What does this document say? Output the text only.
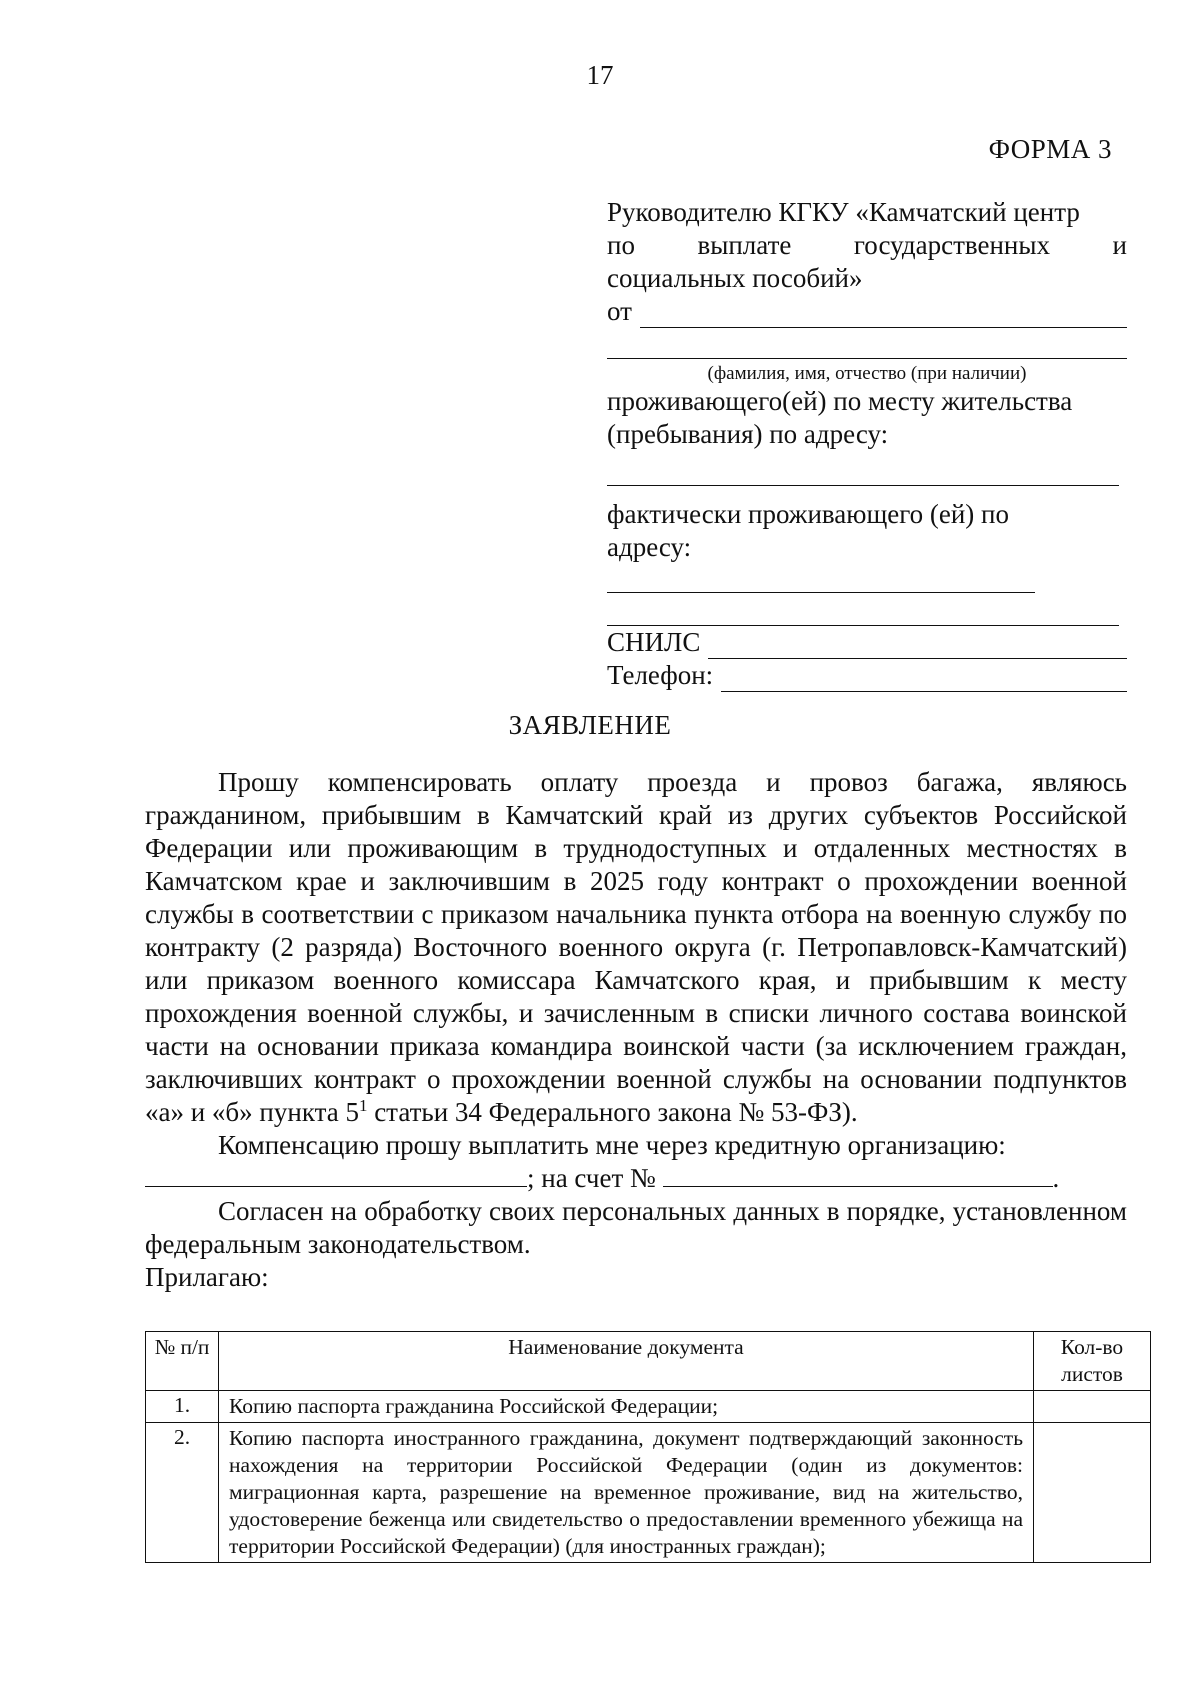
17
ФОРМА 3
Руководителю КГКУ «Камчатский центр
по выплате государственных и
социальных пособий»
от
(фамилия, имя, отчество (при наличии)
проживающего(ей) по месту жительства
(пребывания) по адресу:
фактически проживающего (ей) по
адресу:
СНИЛС
Телефон:
ЗАЯВЛЕНИЕ

Прошу компенсировать оплату проезда и провоз багажа, являюсь гражданином, прибывшим в Камчатский край из других субъектов Российской Федерации или проживающим в труднодоступных и отдаленных местностях в Камчатском крае и заключившим в 2025 году контракт о прохождении военной службы в соответствии с приказом начальника пункта отбора на военную службу по контракту (2 разряда) Восточного военного округа (г. Петропавловск-Камчатский) или приказом военного комиссара Камчатского края, и прибывшим к месту прохождения военной службы, и зачисленным в списки личного состава воинской части на основании приказа командира воинской части (за исключением граждан, заключивших контракт о прохождении военной службы на основании подпунктов «а» и «б» пункта $5^1$ статьи 34 Федерального закона № 53-ФЗ).

Компенсацию прошу выплатить мне через кредитную организацию:

; на счет №	.

Согласен на обработку своих персональных данных в порядке, установленном федеральным законодательством.

Прилагаю:

№ п/п	Наименование документа	Кол-во листов
1.	Копию паспорта гражданина Российской Федерации;	
2.	Копию паспорта иностранного гражданина, документ подтверждающий законность нахождения на территории Российской Федерации (один из документов: миграционная карта, разрешение на временное проживание, вид на жительство, удостоверение беженца или свидетельство о предоставлении временного убежища на территории Российской Федерации) (для иностранных граждан);	
